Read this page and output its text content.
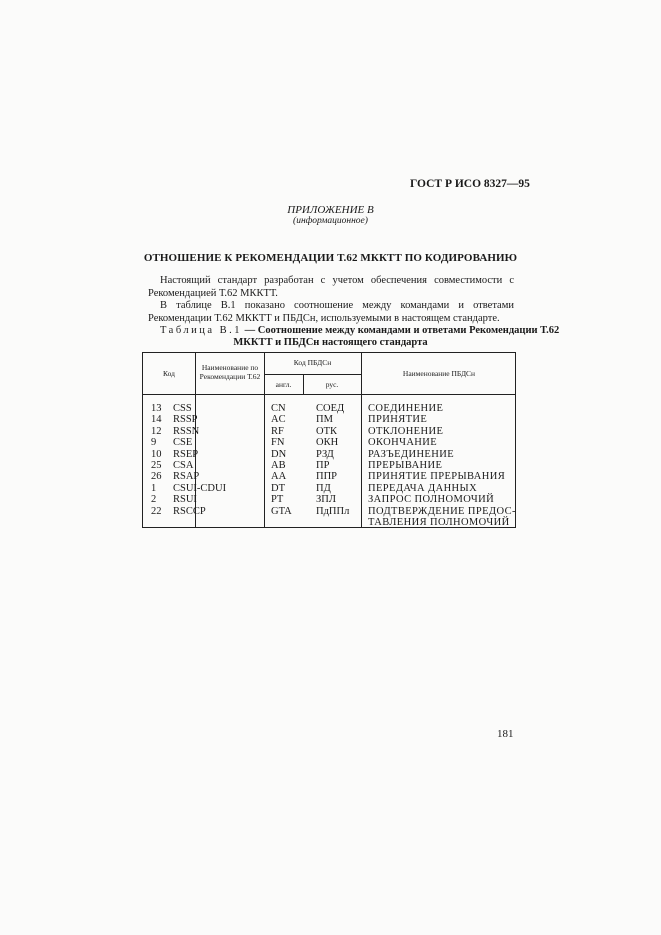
ГОСТ Р ИСО 8327—95
ПРИЛОЖЕНИЕ В
(информационное)
ОТНОШЕНИЕ К РЕКОМЕНДАЦИИ Т.62 МККТТ ПО КОДИРОВАНИЮ
Настоящий стандарт разработан с учетом обеспечения совместимости с Рекомендацией Т.62 МККТТ.
В таблице В.1 показано соотношение между командами и ответами Рекомендации Т.62 МККТТ и ПБДСн, используемыми в настоящем стандарте.
Таблица В.1 — Соотношение между командами и ответами Рекомендации Т.62
МККТТ и ПБДСн настоящего стандарта
Код
Наименование по Рекомендации Т.62
Код ПБДСн
англ.	рус.
Наименование ПБДСн
13
14
12
9
10
25
26
1
2
22
CSS
RSSP
RSSN
CSE
RSEP
CSA
RSAP
CSUI-CDUI
RSUI
RSCCP
CN
AC
RF
FN
DN
AB
AA
DT
PT
GTA
СОЕД
ПМ
ОТК
ОКН
РЗД
ПР
ППР
ПД
ЗПЛ
ПдППл
СОЕДИНЕНИЕ
ПРИНЯТИЕ
ОТКЛОНЕНИЕ
ОКОНЧАНИЕ
РАЗЪЕДИНЕНИЕ
ПРЕРЫВАНИЕ
ПРИНЯТИЕ ПРЕРЫВАНИЯ
ПЕРЕДАЧА ДАННЫХ
ЗАПРОС ПОЛНОМОЧИЙ
ПОДТВЕРЖДЕНИЕ ПРЕДОС-
ТАВЛЕНИЯ ПОЛНОМОЧИЙ
181
